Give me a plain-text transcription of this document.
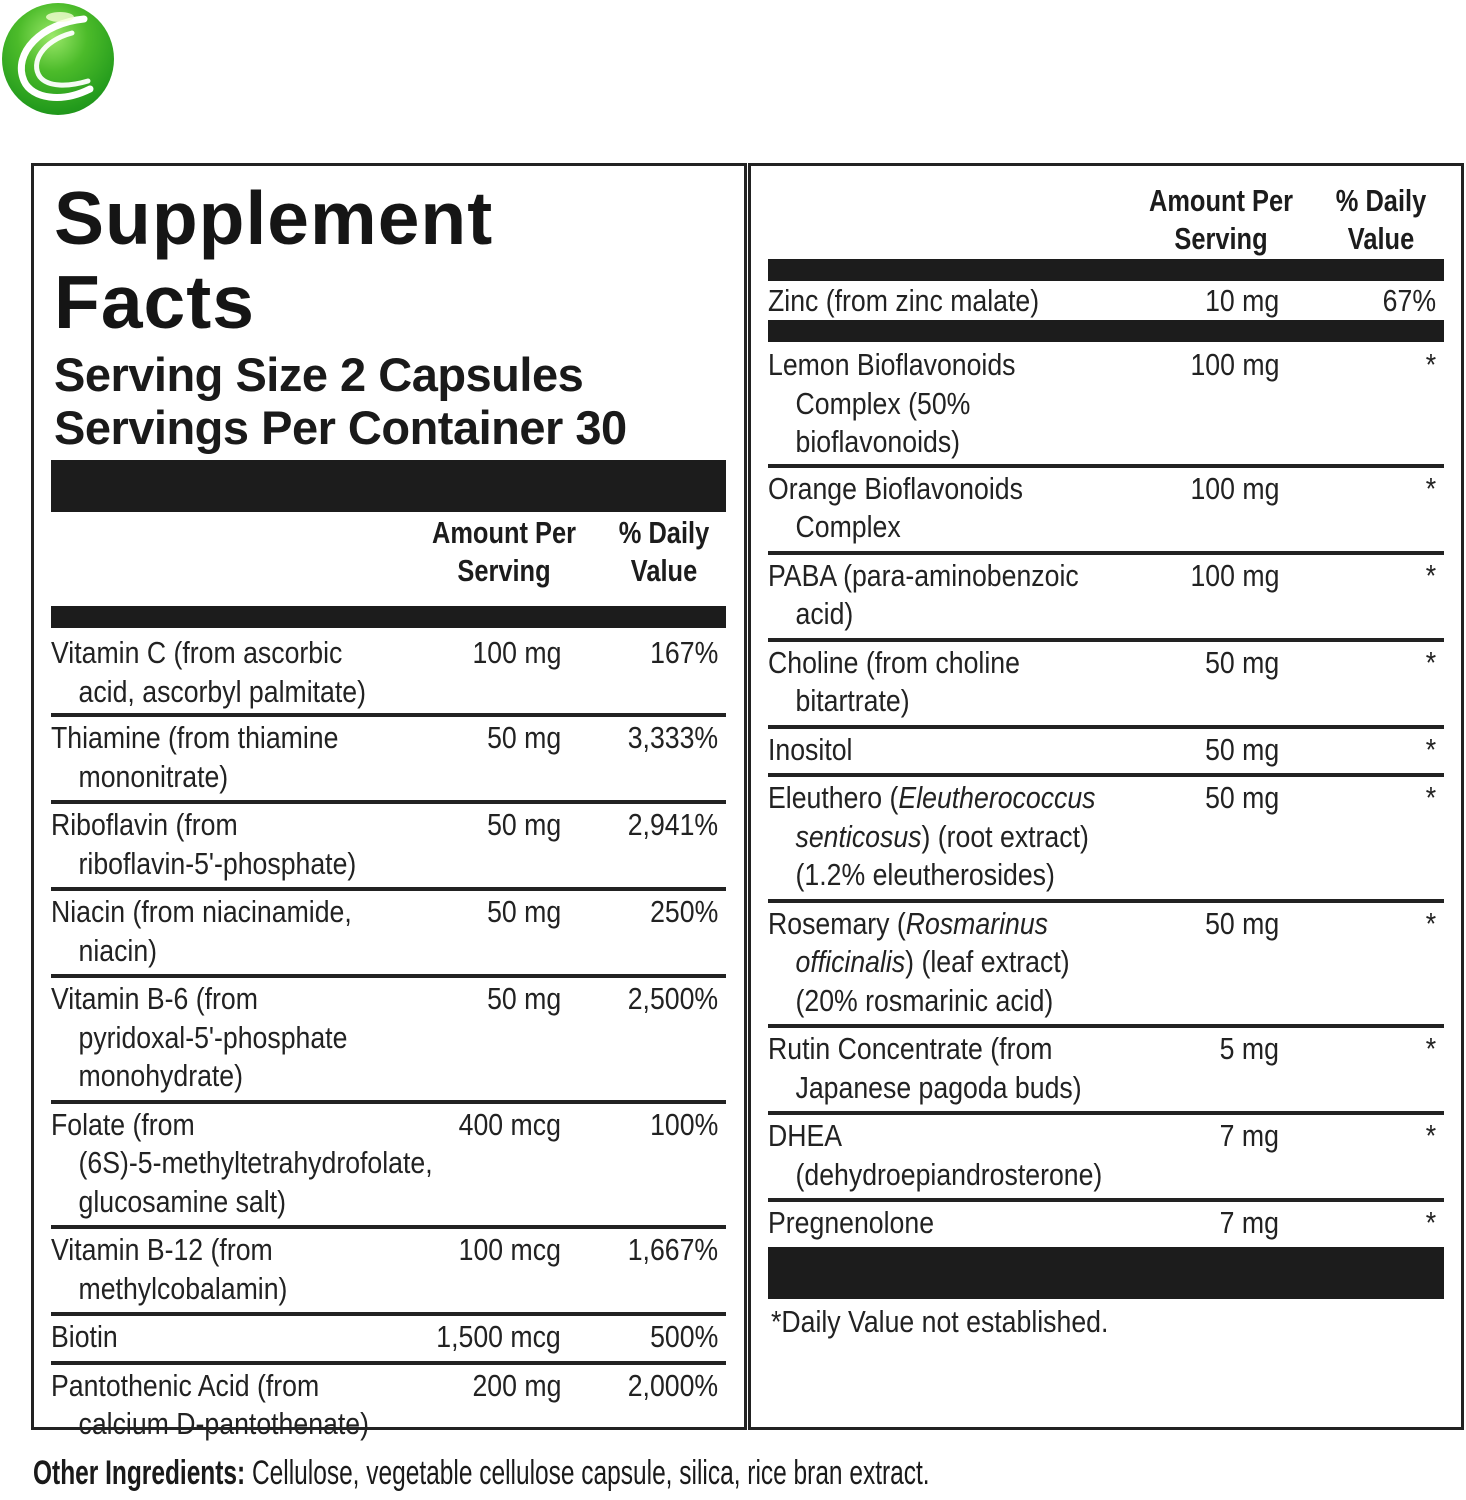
Supplement
Facts
Serving Size 2 Capsules
Servings Per Container 30
Amount Per
Serving
% Daily
Value
Vitamin C (from ascorbic
acid, ascorbyl palmitate)
100 mg	167%
Thiamine (from thiamine
mononitrate)
50 mg 3,333%
Riboflavin (from
riboflavin-5'-phosphate)
50 mg 2,941%
Niacin (from niacinamide,
niacin)
50 mg	250%
Vitamin B-6 (from
pyridoxal-5'-phosphate
monohydrate)
50 mg 2,500%
Folate (from
(6S)-5-methyltetrahydrofolate,
glucosamine salt)
400 mcg	100%
Vitamin B-12 (from
methylcobalamin)
100 mcg 1,667%
Biotin	1,500 mcg	500%
Pantothenic Acid (from
calcium D-pantothenate)
200 mg 2,000%
Amount Per
Serving
% Daily
Value
Zinc (from zinc malate)	10 mg	67%
Lemon Bioflavonoids
Complex (50%
bioflavonoids)
100 mg	*
Orange Bioflavonoids
Complex
100 mg	*
PABA (para-aminobenzoic
acid)
100 mg	*
Choline (from choline
bitartrate)
50 mg	*
Inositol	50 mg	*
Eleuthero (Eleutherococcus
senticosus) (root extract)
(1.2% eleutherosides)
50 mg	*
Rosemary (Rosmarinus
officinalis) (leaf extract)
(20% rosmarinic acid)
50 mg	*
Rutin Concentrate (from
Japanese pagoda buds)
5 mg	*
DHEA
(dehydroepiandrosterone)
7 mg	*
Pregnenolone	7 mg	*
*Daily Value not established.
Other Ingredients: Cellulose, vegetable cellulose capsule, silica, rice bran extract.
